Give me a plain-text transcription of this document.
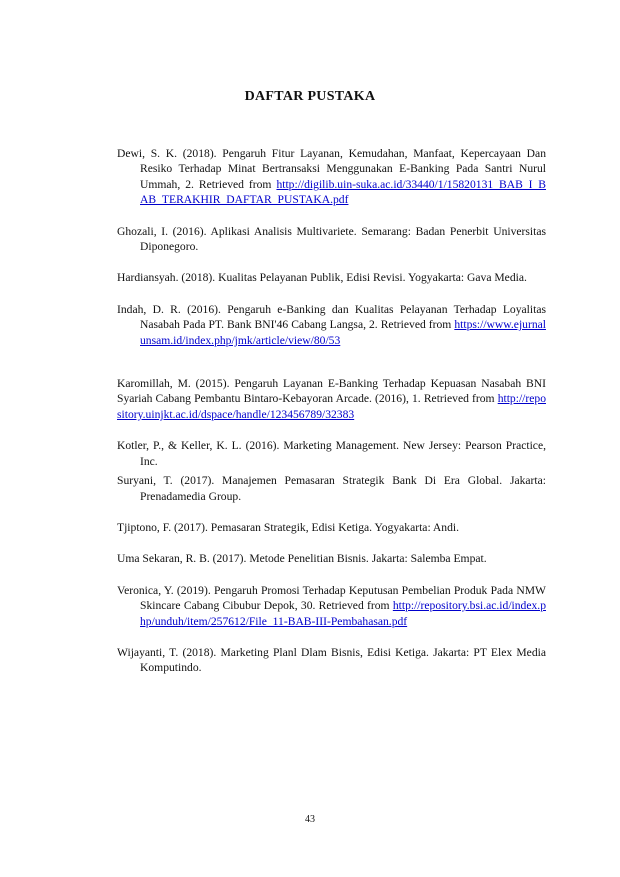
DAFTAR PUSTAKA

Dewi, S. K. (2018). Pengaruh Fitur Layanan, Kemudahan, Manfaat, Kepercayaan Dan Resiko Terhadap Minat Bertransaksi Menggunakan E-Banking Pada Santri Nurul Ummah, 2. Retrieved from http://digilib.uin-suka.ac.id/33440/1/15820131_BAB_I_BAB_TERAKHIR_DAFTAR_PUSTAKA.pdf

Ghozali, I. (2016). Aplikasi Analisis Multivariete. Semarang: Badan Penerbit Universitas Diponegoro.

Hardiansyah. (2018). Kualitas Pelayanan Publik, Edisi Revisi. Yogyakarta: Gava Media.

Indah, D. R. (2016). Pengaruh e-Banking dan Kualitas Pelayanan Terhadap Loyalitas Nasabah Pada PT. Bank BNI'46 Cabang Langsa, 2. Retrieved from https://www.ejurnalunsam.id/index.php/jmk/article/view/80/53

Karomillah, M. (2015). Pengaruh Layanan E-Banking Terhadap Kepuasan Nasabah BNI Syariah Cabang Pembantu Bintaro-Kebayoran Arcade. (2016), 1. Retrieved from http://repository.uinjkt.ac.id/dspace/handle/123456789/32383

Kotler, P., & Keller, K. L. (2016). Marketing Management. New Jersey: Pearson Practice, Inc.

Suryani, T. (2017). Manajemen Pemasaran Strategik Bank Di Era Global. Jakarta: Prenadamedia Group.

Tjiptono, F. (2017). Pemasaran Strategik, Edisi Ketiga. Yogyakarta: Andi.

Uma Sekaran, R. B. (2017). Metode Penelitian Bisnis. Jakarta: Salemba Empat.

Veronica, Y. (2019). Pengaruh Promosi Terhadap Keputusan Pembelian Produk Pada NMW Skincare Cabang Cibubur Depok, 30. Retrieved from http://repository.bsi.ac.id/index.php/unduh/item/257612/File_11-BAB-III-Pembahasan.pdf

Wijayanti, T. (2018). Marketing Planl Dlam Bisnis, Edisi Ketiga. Jakarta: PT Elex Media Komputindo.

43
